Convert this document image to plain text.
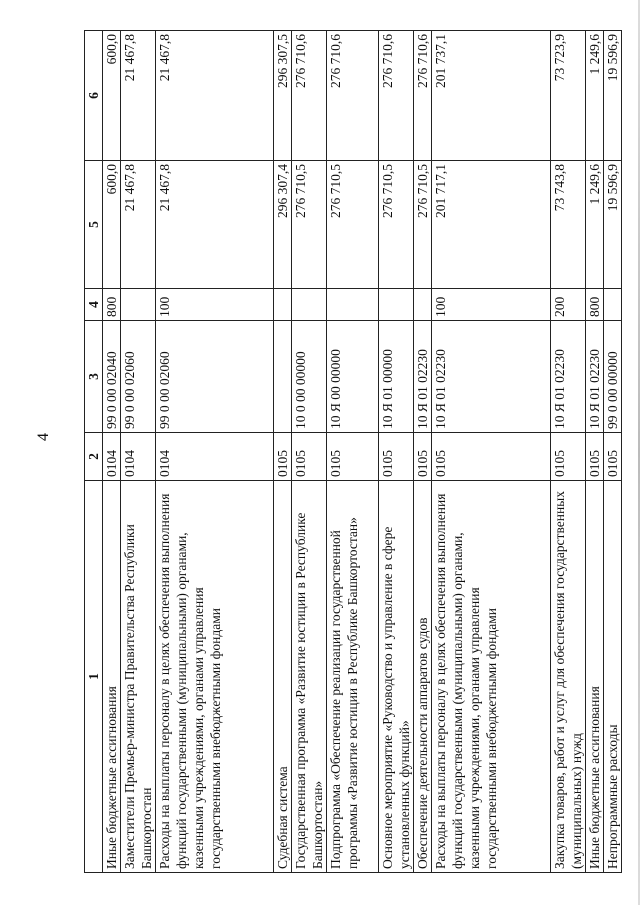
4
1	2	3	4	5	6
Иные бюджетные ассигнования	0104	99 0 00 02040	800	600,0	600,0
Заместители Премьер-министра Правительства Республики Башкортостан	0104	99 0 00 02060		21 467,8	21 467,8
Расходы на выплаты персоналу в целях обеспечения выполнения функций государственными (муниципальными) органами, казенными учреждениями, органами управления государственными внебюджетными фондами	0104	99 0 00 02060	100	21 467,8	21 467,8
Судебная система	0105			296 307,4	296 307,5
Государственная программа «Развитие юстиции в Республике Башкортостан»	0105	10 0 00 00000		276 710,5	276 710,6
Подпрограмма «Обеспечение реализации государственной программы «Развитие юстиции в Республике Башкортостан»	0105	10 Я 00 00000		276 710,5	276 710,6
Основное мероприятие «Руководство и управление в сфере установленных функций»	0105	10 Я 01 00000		276 710,5	276 710,6
Обеспечение деятельности аппаратов судов	0105	10 Я 01 02230		276 710,5	276 710,6
Расходы на выплаты персоналу в целях обеспечения выполнения функций государственными (муниципальными) органами, казенными учреждениями, органами управления государственными внебюджетными фондами	0105	10 Я 01 02230	100	201 717,1	201 737,1
Закупка товаров, работ и услуг для обеспечения государственных (муниципальных) нужд	0105	10 Я 01 02230	200	73 743,8	73 723,9
Иные бюджетные ассигнования	0105	10 Я 01 02230	800	1 249,6	1 249,6
Непрограммные расходы	0105	99 0 00 00000		19 596,9	19 596,9
